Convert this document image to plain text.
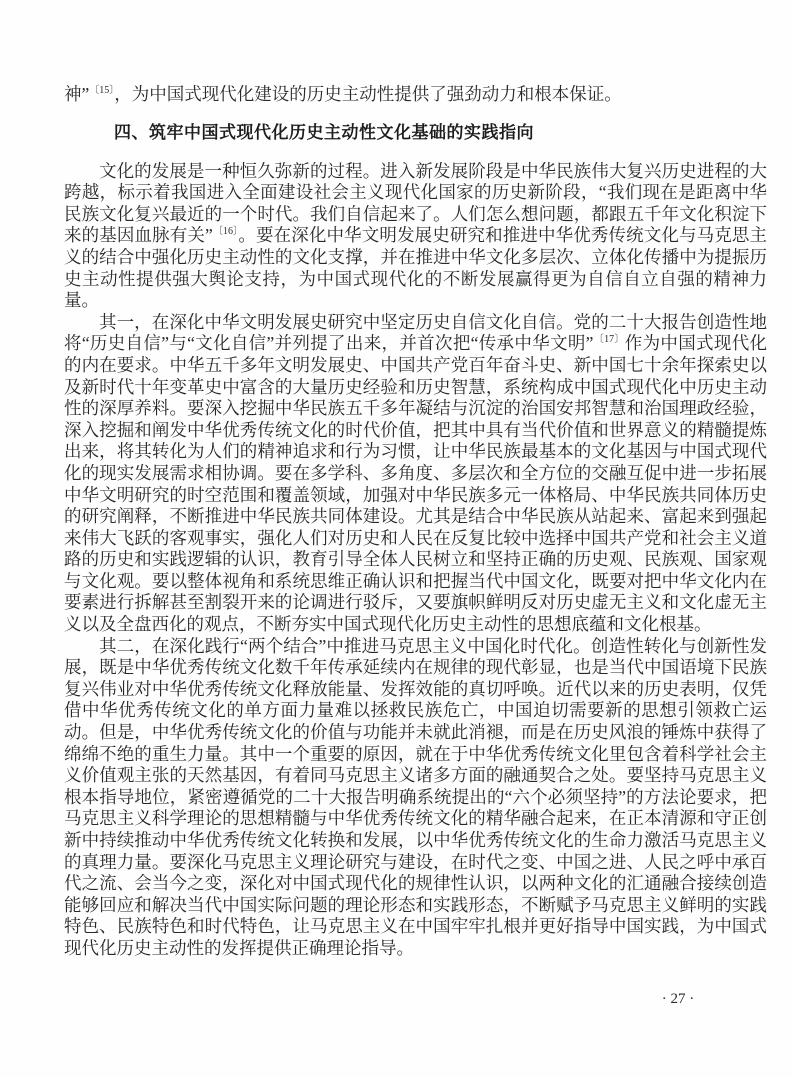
神”$^{〔15〕}$，为中国式现代化建设的历史主动性提供了强劲动力和根本保证。

四、筑牢中国式现代化历史主动性文化基础的实践指向

文化的发展是一种恒久弥新的过程。进入新发展阶段是中华民族伟大复兴历史进程的大跨越，标示着我国进入全面建设社会主义现代化国家的历史新阶段，“我们现在是距离中华民族文化复兴最近的一个时代。我们自信起来了。人们怎么想问题，都跟五千年文化积淀下来的基因血脉有关”$^{〔16〕}$。要在深化中华文明发展史研究和推进中华优秀传统文化与马克思主义的结合中强化历史主动性的文化支撑，并在推进中华文化多层次、立体化传播中为提振历史主动性提供强大舆论支持，为中国式现代化的不断发展赢得更为自信自立自强的精神力量。

其一，在深化中华文明发展史研究中坚定历史自信文化自信。党的二十大报告创造性地将“历史自信”与“文化自信”并列提了出来，并首次把“传承中华文明”$^{〔17〕}$作为中国式现代化的内在要求。中华五千多年文明发展史、中国共产党百年奋斗史、新中国七十余年探索史以及新时代十年变革史中富含的大量历史经验和历史智慧，系统构成中国式现代化中历史主动性的深厚养料。要深入挖掘中华民族五千多年凝结与沉淀的治国安邦智慧和治国理政经验，深入挖掘和阐发中华优秀传统文化的时代价值，把其中具有当代价值和世界意义的精髓提炼出来，将其转化为人们的精神追求和行为习惯，让中华民族最基本的文化基因与中国式现代化的现实发展需求相协调。要在多学科、多角度、多层次和全方位的交融互促中进一步拓展中华文明研究的时空范围和覆盖领域，加强对中华民族多元一体格局、中华民族共同体历史的研究阐释，不断推进中华民族共同体建设。尤其是结合中华民族从站起来、富起来到强起来伟大飞跃的客观事实，强化人们对历史和人民在反复比较中选择中国共产党和社会主义道路的历史和实践逻辑的认识，教育引导全体人民树立和坚持正确的历史观、民族观、国家观与文化观。要以整体视角和系统思维正确认识和把握当代中国文化，既要对把中华文化内在要素进行拆解甚至割裂开来的论调进行驳斥，又要旗帜鲜明反对历史虚无主义和文化虚无主义以及全盘西化的观点，不断夯实中国式现代化历史主动性的思想底蕴和文化根基。

其二，在深化践行“两个结合”中推进马克思主义中国化时代化。创造性转化与创新性发展，既是中华优秀传统文化数千年传承延续内在规律的现代彰显，也是当代中国语境下民族复兴伟业对中华优秀传统文化释放能量、发挥效能的真切呼唤。近代以来的历史表明，仅凭借中华优秀传统文化的单方面力量难以拯救民族危亡，中国迫切需要新的思想引领救亡运动。但是，中华优秀传统文化的价值与功能并未就此消褪，而是在历史风浪的锤炼中获得了绵绵不绝的重生力量。其中一个重要的原因，就在于中华优秀传统文化里包含着科学社会主义价值观主张的天然基因，有着同马克思主义诸多方面的融通契合之处。要坚持马克思主义根本指导地位，紧密遵循党的二十大报告明确系统提出的“六个必须坚持”的方法论要求，把马克思主义科学理论的思想精髓与中华优秀传统文化的精华融合起来，在正本清源和守正创新中持续推动中华优秀传统文化转换和发展，以中华优秀传统文化的生命力激活马克思主义的真理力量。要深化马克思主义理论研究与建设，在时代之变、中国之进、人民之呼中承百代之流、会当今之变，深化对中国式现代化的规律性认识，以两种文化的汇通融合接续创造能够回应和解决当代中国实际问题的理论形态和实践形态，不断赋予马克思主义鲜明的实践特色、民族特色和时代特色，让马克思主义在中国牢牢扎根并更好指导中国实践，为中国式现代化历史主动性的发挥提供正确理论指导。

· 27 ·
